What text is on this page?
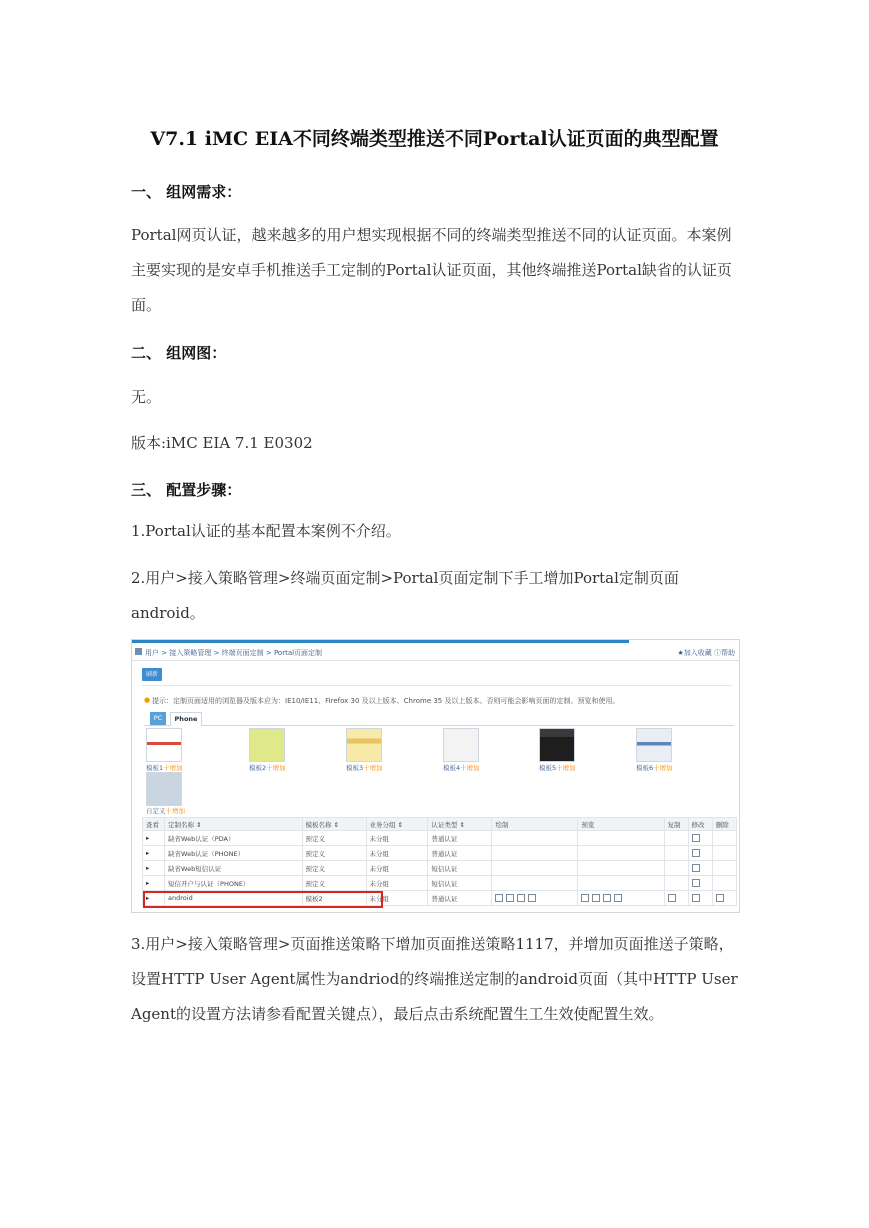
V7.1 iMC EIA不同终端类型推送不同Portal认证页面的典型配置
一、 组网需求：
Portal网页认证，越来越多的用户想实现根据不同的终端类型推送不同的认证页面。本案例主要实现的是安卓手机推送手工定制的Portal认证页面，其他终端推送Portal缺省的认证页面。
二、 组网图：
无。
版本:iMC EIA 7.1 E0302
三、 配置步骤：
1.Portal认证的基本配置本案例不介绍。
2.用户>接入策略管理>终端页面定制>Portal页面定制下手工增加Portal定制页面android。
用户 > 接入策略管理 > 终端页面定制 > Portal页面定制	★加入收藏 ⓘ帮助
刷新
● 提示：定制页面适用的浏览器及版本应为：IE10/IE11、Firefox 30 及以上版本、Chrome 35 及以上版本。否则可能会影响页面的定制、预览和使用。
PC	Phone
模板1十增加	模板2十增加	模板3十增加	模板4十增加	模板5十增加	模板6十增加
自定义十增加
查看	定制名称 ⇕	模板名称 ⇕	业务分组 ⇕	认证类型 ⇕	绘制	预览	复制	修改	删除
▸	缺省Web认证（PDA）	预定义	未分组	普通认证					
▸	缺省Web认证（PHONE）	预定义	未分组	普通认证					
▸	缺省Web短信认证	预定义	未分组	短信认证					
▸	短信开户与认证（PHONE）	预定义	未分组	短信认证					
▸	android	模板2	未分组	普通认证					
3.用户>接入策略管理>页面推送策略下增加页面推送策略1117，并增加页面推送子策略，设置HTTP User Agent属性为andriod的终端推送定制的android页面（其中HTTP User Agent的设置方法请参看配置关键点），最后点击系统配置生工生效使配置生效。
